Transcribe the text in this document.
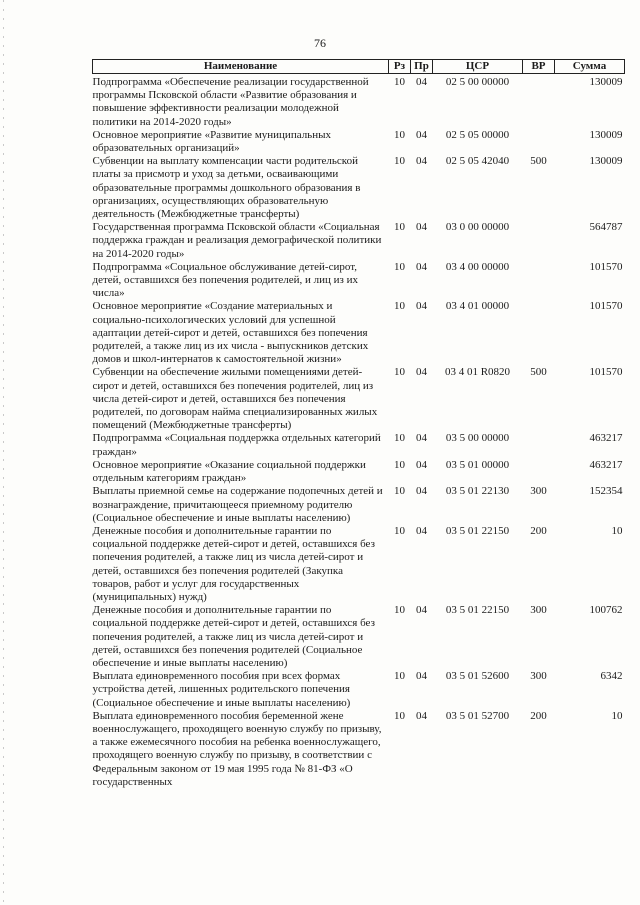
76
Наименование	Рз	Пр	ЦСР	ВР	Сумма
Подпрограмма «Обеспечение реализации государственной программы Псковской области «Развитие образования и повышение эффективности реализации молодежной политики на 2014-2020 годы»	10	04	02 5 00 00000		130009
Основное мероприятие «Развитие муниципальных образовательных организаций»	10	04	02 5 05 00000		130009
Субвенции на выплату компенсации части родительской платы за присмотр и уход за детьми, осваивающими образовательные программы дошкольного образования в организациях, осуществляющих образовательную деятельность (Межбюджетные трансферты)	10	04	02 5 05 42040	500	130009
Государственная программа Псковской области «Социальная поддержка граждан и реализация демографической политики на 2014-2020 годы»	10	04	03 0 00 00000		564787
Подпрограмма «Социальное обслуживание детей-сирот, детей, оставшихся без попечения родителей, и лиц из их числа»	10	04	03 4 00 00000		101570
Основное мероприятие «Создание материальных и социально-психологических условий для успешной адаптации детей-сирот и детей, оставшихся без попечения родителей, а также лиц из их числа - выпускников детских домов и школ-интернатов к самостоятельной жизни»	10	04	03 4 01 00000		101570
Субвенции на обеспечение жилыми помещениями детей-сирот и детей, оставшихся без попечения родителей, лиц из числа детей-сирот и детей, оставшихся без попечения родителей, по договорам найма специализированных жилых помещений (Межбюджетные трансферты)	10	04	03 4 01 R0820	500	101570
Подпрограмма «Социальная поддержка отдельных категорий граждан»	10	04	03 5 00 00000		463217
Основное мероприятие «Оказание социальной поддержки отдельным категориям граждан»	10	04	03 5 01 00000		463217
Выплаты приемной семье на содержание подопечных детей и вознаграждение, причитающееся приемному родителю (Социальное обеспечение и иные выплаты населению)	10	04	03 5 01 22130	300	152354
Денежные пособия и дополнительные гарантии по социальной поддержке детей-сирот и детей, оставшихся без попечения родителей, а также лиц из числа детей-сирот и детей, оставшихся без попечения родителей (Закупка товаров, работ и услуг для государственных (муниципальных) нужд)	10	04	03 5 01 22150	200	10
Денежные пособия и дополнительные гарантии по социальной поддержке детей-сирот и детей, оставшихся без попечения родителей, а также лиц из числа детей-сирот и детей, оставшихся без попечения родителей (Социальное обеспечение и иные выплаты населению)	10	04	03 5 01 22150	300	100762
Выплата единовременного пособия при всех формах устройства детей, лишенных родительского попечения (Социальное обеспечение и иные выплаты населению)	10	04	03 5 01 52600	300	6342
Выплата единовременного пособия беременной жене военнослужащего, проходящего военную службу по призыву, а также ежемесячного пособия на ребенка военнослужащего, проходящего военную службу по призыву, в соответствии с Федеральным законом от 19 мая 1995 года № 81-ФЗ «О государственных	10	04	03 5 01 52700	200	10
